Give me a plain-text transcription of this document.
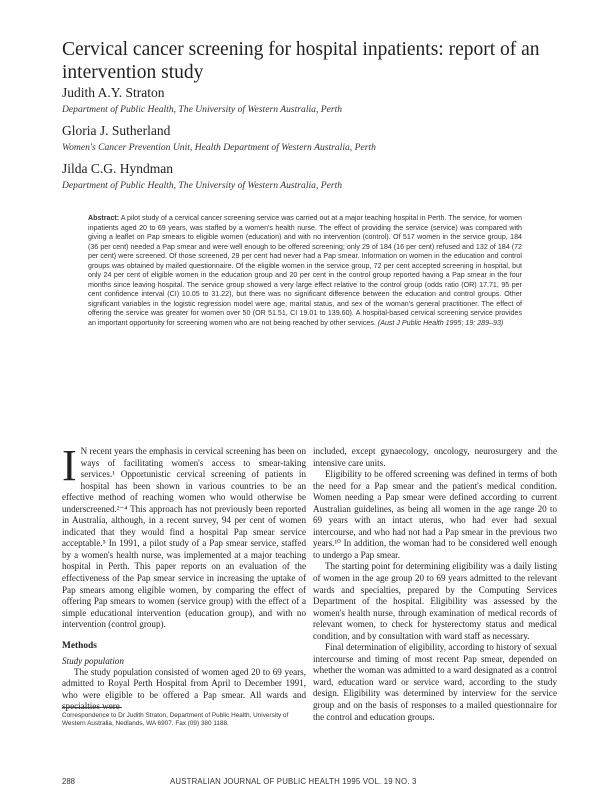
Cervical cancer screening for hospital inpatients: report of an intervention study
Judith A.Y. Straton
Department of Public Health, The University of Western Australia, Perth
Gloria J. Sutherland
Women's Cancer Prevention Unit, Health Department of Western Australia, Perth
Jilda C.G. Hyndman
Department of Public Health, The University of Western Australia, Perth
Abstract: A pilot study of a cervical cancer screening service was carried out at a major teaching hospital in Perth. The service, for women inpatients aged 20 to 69 years, was staffed by a women's health nurse. The effect of providing the service (service) was compared with giving a leaflet on Pap smears to eligible women (education) and with no intervention (control). Of 517 women in the service group, 184 (36 per cent) needed a Pap smear and were well enough to be offered screening; only 29 of 184 (16 per cent) refused and 132 of 184 (72 per cent) were screened. Of those screened, 29 per cent had never had a Pap smear. Information on women in the education and control groups was obtained by mailed questionnaire. Of the eligible women in the service group, 72 per cent accepted screening in hospital, but only 24 per cent of eligible women in the education group and 20 per cent in the control group reported having a Pap smear in the four months since leaving hospital. The service group showed a very large effect relative to the control group (odds ratio (OR) 17.71, 95 per cent confidence interval (CI) 10.05 to 31.22), but there was no significant difference between the education and control groups. Other significant variables in the logistic regression model were age, marital status, and sex of the woman's general practitioner. The effect of offering the service was greater for women over 50 (OR 51.51, CI 19.01 to 139.60). A hospital-based cervical screening service provides an important opportunity for screening women who are not being reached by other services. (Aust J Public Health 1995; 19: 289–93)

I N recent years the emphasis in cervical screening has been on ways of facilitating women's access to smear-taking services.¹ Opportunistic cervical screening of patients in hospital has been shown in various countries to be an effective method of reaching women who would otherwise be underscreened.²⁻⁴ This approach has not previously been reported in Australia, although, in a recent survey, 94 per cent of women indicated that they would find a hospital Pap smear service acceptable.⁵ In 1991, a pilot study of a Pap smear service, staffed by a women's health nurse, was implemented at a major teaching hospital in Perth. This paper reports on an evaluation of the effectiveness of the Pap smear service in increasing the uptake of Pap smears among eligible women, by comparing the effect of offering Pap smears to women (service group) with the effect of a simple educational intervention (education group), and with no intervention (control group).

Methods
Study population

The study population consisted of women aged 20 to 69 years, admitted to Royal Perth Hospital from April to December 1991, who were eligible to be offered a Pap smear. All wards and specialties were

included, except gynaecology, oncology, neurosurgery and the intensive care units.

Eligibility to be offered screening was defined in terms of both the need for a Pap smear and the patient's medical condition. Women needing a Pap smear were defined according to current Australian guidelines, as being all women in the age range 20 to 69 years with an intact uterus, who had ever had sexual intercourse, and who had not had a Pap smear in the previous two years.¹⁰ In addition, the woman had to be considered well enough to undergo a Pap smear.

The starting point for determining eligibility was a daily listing of women in the age group 20 to 69 years admitted to the relevant wards and specialties, prepared by the Computing Services Department of the hospital. Eligibility was assessed by the women's health nurse, through examination of medical records of relevant women, to check for hysterectomy status and medical condition, and by consultation with ward staff as necessary.

Final determination of eligibility, according to history of sexual intercourse and timing of most recent Pap smear, depended on whether the woman was admitted to a ward designated as a control ward, education ward or service ward, according to the study design. Eligibility was determined by interview for the service group and on the basis of responses to a mailed questionnaire for the control and education groups.

Correspondence to Dr Judith Straton, Department of Public Health, University of Western Australia, Nedlands, WA 6907. Fax (09) 380 1188.
288	AUSTRALIAN JOURNAL OF PUBLIC HEALTH 1995 VOL. 19 NO. 3
